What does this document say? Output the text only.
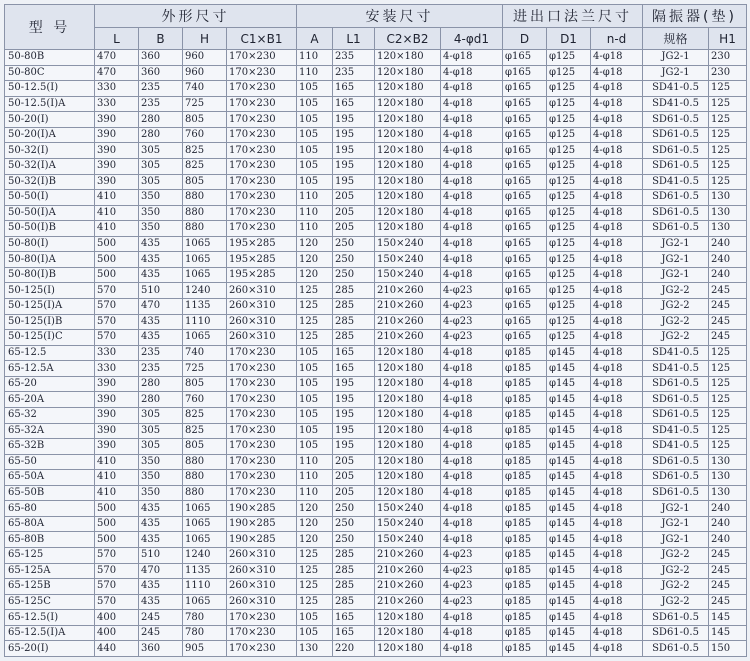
型 号	外形尺寸				安装尺寸				进出口法兰尺寸			隔振器(垫)	
	L	B	H	C1×B1	A	L1	C2×B2	4-φd1	D	D1	n-d	规格	H1
50-80B	470	360	960	170×230	110	235	120×180	4-φ18	φ165	φ125	4-φ18	JG2-1	230
50-80C	470	360	960	170×230	110	235	120×180	4-φ18	φ165	φ125	4-φ18	JG2-1	230
50-12.5(I)	330	235	740	170×230	105	165	120×180	4-φ18	φ165	φ125	4-φ18	SD41-0.5	125
50-12.5(I)A	330	235	725	170×230	105	165	120×180	4-φ18	φ165	φ125	4-φ18	SD41-0.5	125
50-20(I)	390	280	805	170×230	105	195	120×180	4-φ18	φ165	φ125	4-φ18	SD61-0.5	125
50-20(I)A	390	280	760	170×230	105	195	120×180	4-φ18	φ165	φ125	4-φ18	SD61-0.5	125
50-32(I)	390	305	825	170×230	105	195	120×180	4-φ18	φ165	φ125	4-φ18	SD61-0.5	125
50-32(I)A	390	305	825	170×230	105	195	120×180	4-φ18	φ165	φ125	4-φ18	SD61-0.5	125
50-32(I)B	390	305	805	170×230	105	195	120×180	4-φ18	φ165	φ125	4-φ18	SD41-0.5	125
50-50(I)	410	350	880	170×230	110	205	120×180	4-φ18	φ165	φ125	4-φ18	SD61-0.5	130
50-50(I)A	410	350	880	170×230	110	205	120×180	4-φ18	φ165	φ125	4-φ18	SD61-0.5	130
50-50(I)B	410	350	880	170×230	110	205	120×180	4-φ18	φ165	φ125	4-φ18	SD61-0.5	130
50-80(I)	500	435	1065	195×285	120	250	150×240	4-φ18	φ165	φ125	4-φ18	JG2-1	240
50-80(I)A	500	435	1065	195×285	120	250	150×240	4-φ18	φ165	φ125	4-φ18	JG2-1	240
50-80(I)B	500	435	1065	195×285	120	250	150×240	4-φ18	φ165	φ125	4-φ18	JG2-1	240
50-125(I)	570	510	1240	260×310	125	285	210×260	4-φ23	φ165	φ125	4-φ18	JG2-2	245
50-125(I)A	570	470	1135	260×310	125	285	210×260	4-φ23	φ165	φ125	4-φ18	JG2-2	245
50-125(I)B	570	435	1110	260×310	125	285	210×260	4-φ23	φ165	φ125	4-φ18	JG2-2	245
50-125(I)C	570	435	1065	260×310	125	285	210×260	4-φ23	φ165	φ125	4-φ18	JG2-2	245
65-12.5	330	235	740	170×230	105	165	120×180	4-φ18	φ185	φ145	4-φ18	SD41-0.5	125
65-12.5A	330	235	725	170×230	105	165	120×180	4-φ18	φ185	φ145	4-φ18	SD41-0.5	125
65-20	390	280	805	170×230	105	195	120×180	4-φ18	φ185	φ145	4-φ18	SD61-0.5	125
65-20A	390	280	760	170×230	105	195	120×180	4-φ18	φ185	φ145	4-φ18	SD61-0.5	125
65-32	390	305	825	170×230	105	195	120×180	4-φ18	φ185	φ145	4-φ18	SD61-0.5	125
65-32A	390	305	825	170×230	105	195	120×180	4-φ18	φ185	φ145	4-φ18	SD41-0.5	125
65-32B	390	305	805	170×230	105	195	120×180	4-φ18	φ185	φ145	4-φ18	SD41-0.5	125
65-50	410	350	880	170×230	110	205	120×180	4-φ18	φ185	φ145	4-φ18	SD61-0.5	130
65-50A	410	350	880	170×230	110	205	120×180	4-φ18	φ185	φ145	4-φ18	SD61-0.5	130
65-50B	410	350	880	170×230	110	205	120×180	4-φ18	φ185	φ145	4-φ18	SD61-0.5	130
65-80	500	435	1065	190×285	120	250	150×240	4-φ18	φ185	φ145	4-φ18	JG2-1	240
65-80A	500	435	1065	190×285	120	250	150×240	4-φ18	φ185	φ145	4-φ18	JG2-1	240
65-80B	500	435	1065	190×285	120	250	150×240	4-φ18	φ185	φ145	4-φ18	JG2-1	240
65-125	570	510	1240	260×310	125	285	210×260	4-φ23	φ185	φ145	4-φ18	JG2-2	245
65-125A	570	470	1135	260×310	125	285	210×260	4-φ23	φ185	φ145	4-φ18	JG2-2	245
65-125B	570	435	1110	260×310	125	285	210×260	4-φ23	φ185	φ145	4-φ18	JG2-2	245
65-125C	570	435	1065	260×310	125	285	210×260	4-φ23	φ185	φ145	4-φ18	JG2-2	245
65-12.5(I)	400	245	780	170×230	105	165	120×180	4-φ18	φ185	φ145	4-φ18	SD61-0.5	145
65-12.5(I)A	400	245	780	170×230	105	165	120×180	4-φ18	φ185	φ145	4-φ18	SD61-0.5	145
65-20(I)	440	360	905	170×230	130	220	120×180	4-φ18	φ185	φ145	4-φ18	SD61-0.5	150
